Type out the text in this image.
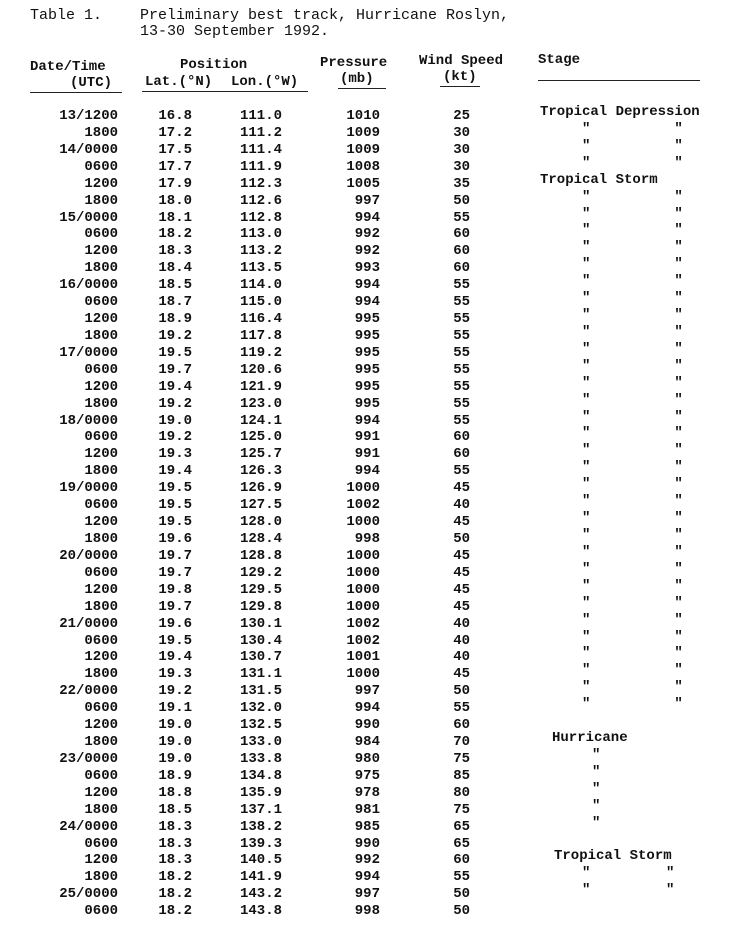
Table 1.	Preliminary best track, Hurricane Roslyn,
13-30 September 1992.
Date/Time
(UTC)
Position
Lat.(°N) Lon.(°W)
Pressure
(mb)
Wind Speed
(kt)
Stage
13/1200	16.8	111.0	1010	25	Tropical Depression
1800	17.2	111.2	1009	30	"          "
14/0000	17.5	111.4	1009	30	"          "
0600	17.7	111.9	1008	30	"          "
1200	17.9	112.3	1005	35	Tropical Storm
1800	18.0	112.6	997	50	"          "
15/0000	18.1	112.8	994	55	"          "
0600	18.2	113.0	992	60	"          "
1200	18.3	113.2	992	60	"          "
1800	18.4	113.5	993	60	"          "
16/0000	18.5	114.0	994	55	"          "
0600	18.7	115.0	994	55	"          "
1200	18.9	116.4	995	55	"          "
1800	19.2	117.8	995	55	"          "
17/0000	19.5	119.2	995	55	"          "
0600	19.7	120.6	995	55	"          "
1200	19.4	121.9	995	55	"          "
1800	19.2	123.0	995	55	"          "
18/0000	19.0	124.1	994	55	"          "
0600	19.2	125.0	991	60	"          "
1200	19.3	125.7	991	60	"          "
1800	19.4	126.3	994	55	"          "
19/0000	19.5	126.9	1000	45	"          "
0600	19.5	127.5	1002	40	"          "
1200	19.5	128.0	1000	45	"          "
1800	19.6	128.4	998	50	"          "
20/0000	19.7	128.8	1000	45	"          "
0600	19.7	129.2	1000	45	"          "
1200	19.8	129.5	1000	45	"          "
1800	19.7	129.8	1000	45	"          "
21/0000	19.6	130.1	1002	40	"          "
0600	19.5	130.4	1002	40	"          "
1200	19.4	130.7	1001	40	"          "
1800	19.3	131.1	1000	45	"          "
22/0000	19.2	131.5	997	50	"          "
0600	19.1	132.0	994	55	"          "
1200	19.0	132.5	990	60
1800	19.0	133.0	984	70	Hurricane
23/0000	19.0	133.8	980	75	"
0600	18.9	134.8	975	85	"
1200	18.8	135.9	978	80	"
1800	18.5	137.1	981	75	"
24/0000	18.3	138.2	985	65	"
0600	18.3	139.3	990	65
1200	18.3	140.5	992	60	Tropical Storm
1800	18.2	141.9	994	55	"         "
25/0000	18.2	143.2	997	50	"         "
0600	18.2	143.8	998	50
